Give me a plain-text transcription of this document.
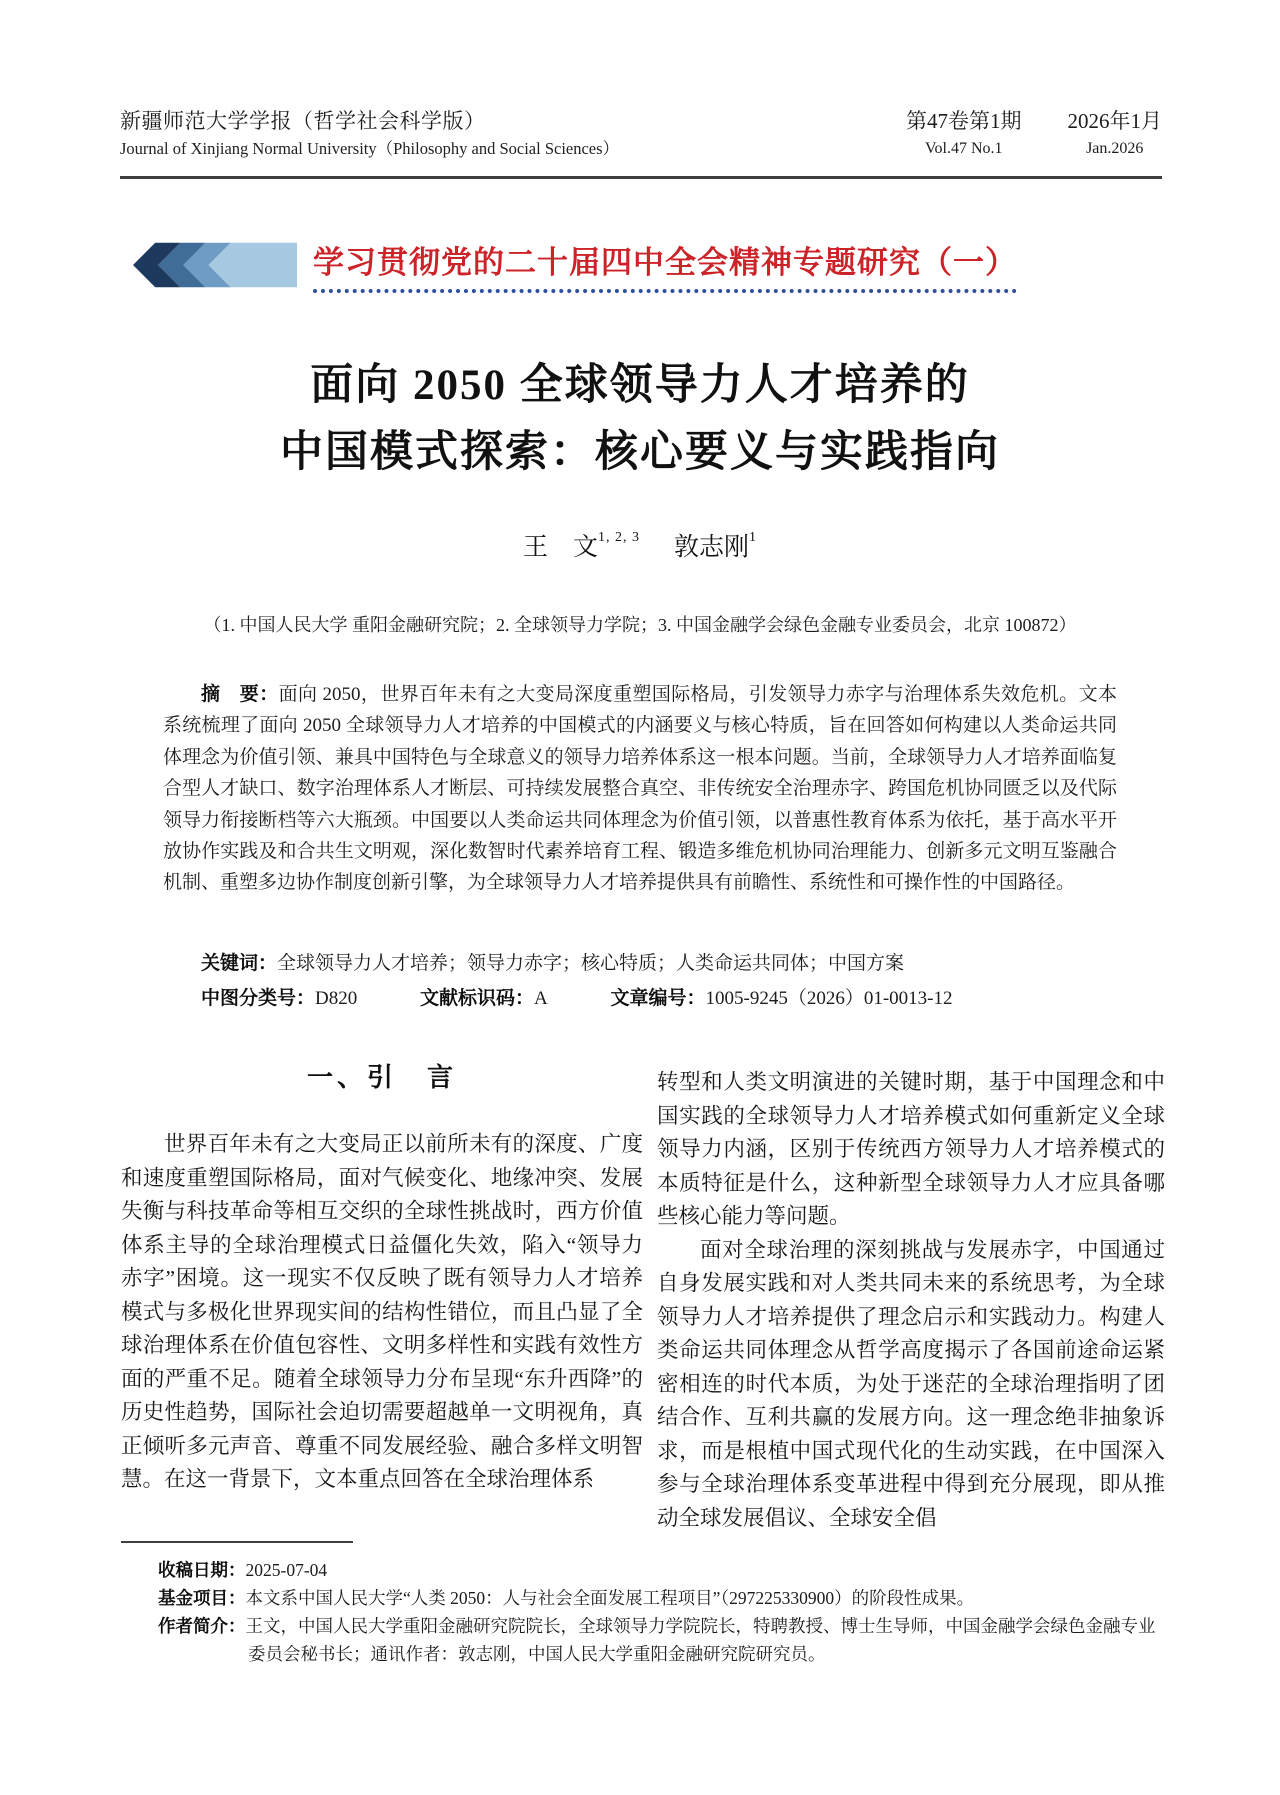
新疆师范大学学报（哲学社会科学版）
Journal of Xinjiang Normal University（Philosophy and Social Sciences）
第47卷第1期
Vol.47 No.1
2026年1月
Jan.2026
学习贯彻党的二十届四中全会精神专题研究（一）
面向 2050 全球领导力人才培养的
中国模式探索：核心要义与实践指向
王　文$^{1, 2, 3}$ 敦志刚$^1$
（1. 中国人民大学 重阳金融研究院；2. 全球领导力学院；3. 中国金融学会绿色金融专业委员会，北京 100872）
摘　要：面向 2050，世界百年未有之大变局深度重塑国际格局，引发领导力赤字与治理体系失效危机。文本系统梳理了面向 2050 全球领导力人才培养的中国模式的内涵要义与核心特质，旨在回答如何构建以人类命运共同体理念为价值引领、兼具中国特色与全球意义的领导力培养体系这一根本问题。当前，全球领导力人才培养面临复合型人才缺口、数字治理体系人才断层、可持续发展整合真空、非传统安全治理赤字、跨国危机协同匮乏以及代际领导力衔接断档等六大瓶颈。中国要以人类命运共同体理念为价值引领，以普惠性教育体系为依托，基于高水平开放协作实践及和合共生文明观，深化数智时代素养培育工程、锻造多维危机协同治理能力、创新多元文明互鉴融合机制、重塑多边协作制度创新引擎，为全球领导力人才培养提供具有前瞻性、系统性和可操作性的中国路径。
关键词：全球领导力人才培养；领导力赤字；核心特质；人类命运共同体；中国方案
中图分类号：D820	文献标识码：A	文章编号：1005-9245（2026）01-0013-12
一、引　言

世界百年未有之大变局正以前所未有的深度、广度和速度重塑国际格局，面对气候变化、地缘冲突、发展失衡与科技革命等相互交织的全球性挑战时，西方价值体系主导的全球治理模式日益僵化失效，陷入“领导力赤字”困境。这一现实不仅反映了既有领导力人才培养模式与多极化世界现实间的结构性错位，而且凸显了全球治理体系在价值包容性、文明多样性和实践有效性方面的严重不足。随着全球领导力分布呈现“东升西降”的历史性趋势，国际社会迫切需要超越单一文明视角，真正倾听多元声音、尊重不同发展经验、融合多样文明智慧。在这一背景下，文本重点回答在全球治理体系

转型和人类文明演进的关键时期，基于中国理念和中国实践的全球领导力人才培养模式如何重新定义全球领导力内涵，区别于传统西方领导力人才培养模式的本质特征是什么，这种新型全球领导力人才应具备哪些核心能力等问题。

面对全球治理的深刻挑战与发展赤字，中国通过自身发展实践和对人类共同未来的系统思考，为全球领导力人才培养提供了理念启示和实践动力。构建人类命运共同体理念从哲学高度揭示了各国前途命运紧密相连的时代本质，为处于迷茫的全球治理指明了团结合作、互利共赢的发展方向。这一理念绝非抽象诉求，而是根植中国式现代化的生动实践，在中国深入参与全球治理体系变革进程中得到充分展现，即从推动全球发展倡议、全球安全倡

收稿日期：2025-07-04
基金项目：本文系中国人民大学“人类 2050：人与社会全面发展工程项目”（297225330900）的阶段性成果。
作者简介：王文，中国人民大学重阳金融研究院院长，全球领导力学院院长，特聘教授、博士生导师，中国金融学会绿色金融专业委员会秘书长；通讯作者：敦志刚，中国人民大学重阳金融研究院研究员。
